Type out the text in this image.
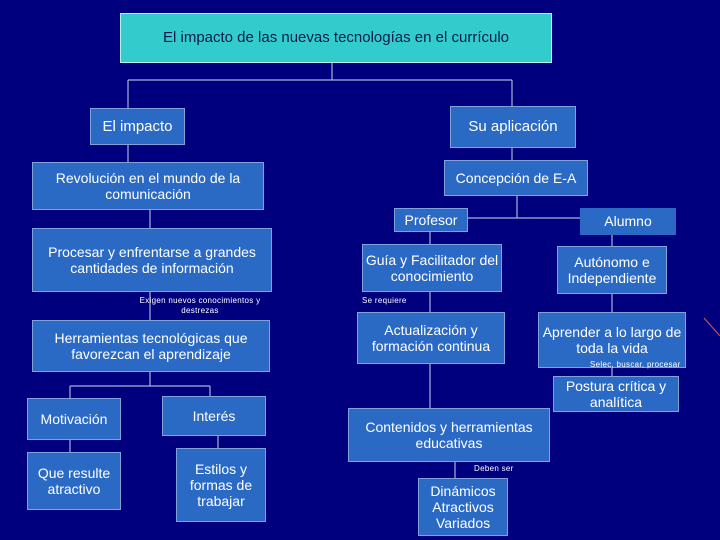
El impacto de las nuevas tecnologías en el currículo
El impacto
Revolución en el mundo de la comunicación
Procesar y enfrentarse a grandes cantidades de información
Exigen nuevos conocimientos y destrezas
Herramientas tecnológicas que favorezcan el aprendizaje
Motivación	Interés
Que resulte atractivo
Estilos y formas de trabajar
Su aplicación
Concepción de E-A
Profesor	Alumno
Guía y Facilitador del conocimiento
Autónomo e Independiente
Se requiere
Actualización y formación continua
Aprender a lo largo de toda la vida
Selec, buscar, procesar
Postura crítica y analítica
Contenidos y herramientas educativas
Deben ser
Dinámicos
Atractivos
Variados
